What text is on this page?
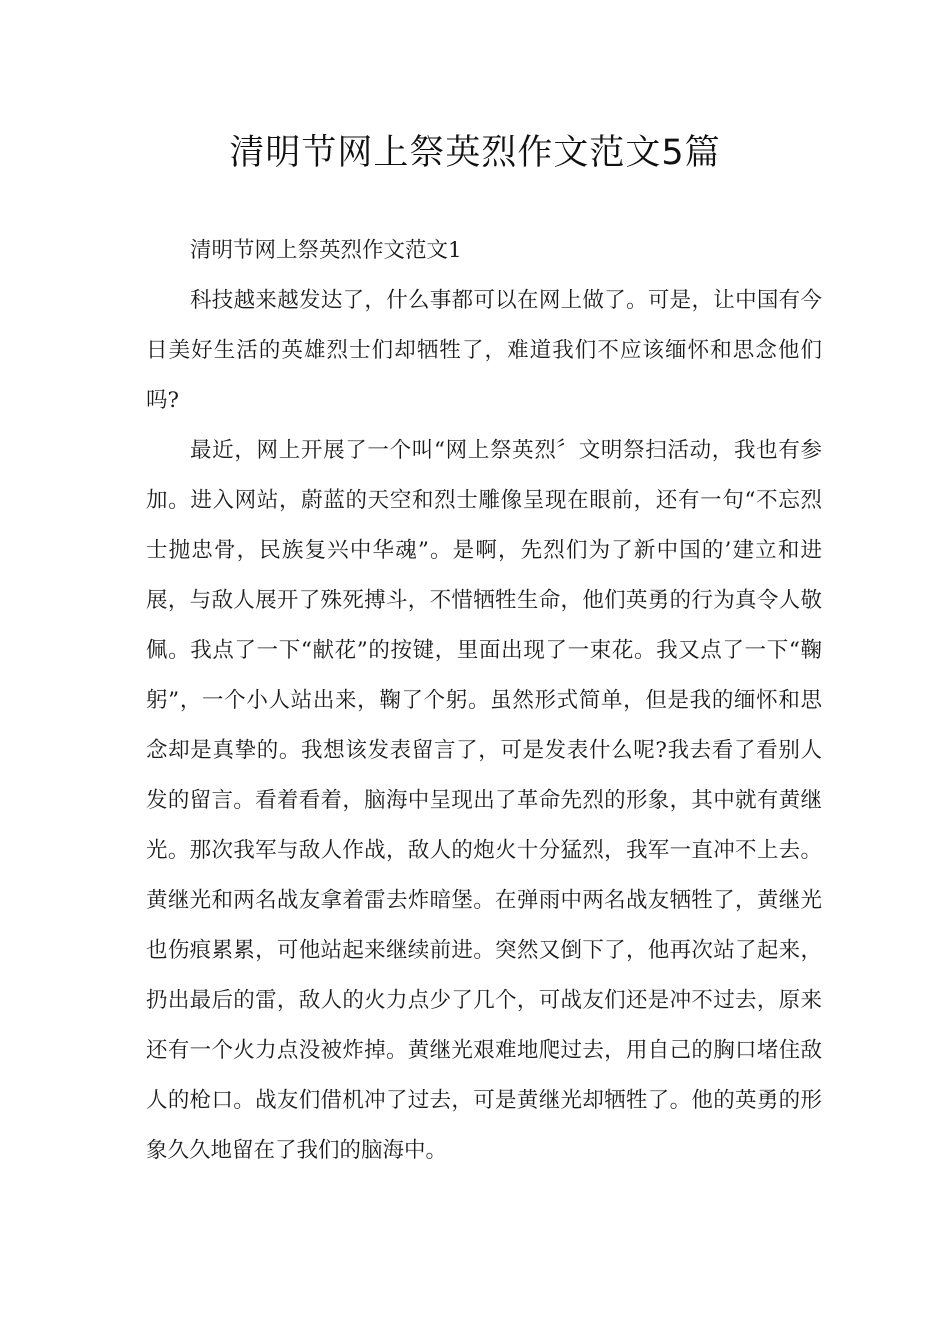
清明节网上祭英烈作文范文5篇

清明节网上祭英烈作文范文1

科技越来越发达了，什么事都可以在网上做了。可是，让中国有今日美好生活的英雄烈士们却牺牲了，难道我们不应该缅怀和思念他们吗?

最近，网上开展了一个叫“网上祭英烈〞文明祭扫活动，我也有参加。进入网站，蔚蓝的天空和烈士雕像呈现在眼前，还有一句“不忘烈士抛忠骨，民族复兴中华魂”。是啊，先烈们为了新中国的’建立和进展，与敌人展开了殊死搏斗，不惜牺牲生命，他们英勇的行为真令人敬佩。我点了一下“献花”的按键，里面出现了一束花。我又点了一下“鞠躬”，一个小人站出来，鞠了个躬。虽然形式简单，但是我的缅怀和思念却是真挚的。我想该发表留言了，可是发表什么呢?我去看了看别人发的留言。看着看着，脑海中呈现出了革命先烈的形象，其中就有黄继光。那次我军与敌人作战，敌人的炮火十分猛烈，我军一直冲不上去。黄继光和两名战友拿着雷去炸暗堡。在弹雨中两名战友牺牲了，黄继光也伤痕累累，可他站起来继续前进。突然又倒下了，他再次站了起来，扔出最后的雷，敌人的火力点少了几个，可战友们还是冲不过去，原来还有一个火力点没被炸掉。黄继光艰难地爬过去，用自己的胸口堵住敌人的枪口。战友们借机冲了过去，可是黄继光却牺牲了。他的英勇的形象久久地留在了我们的脑海中。
